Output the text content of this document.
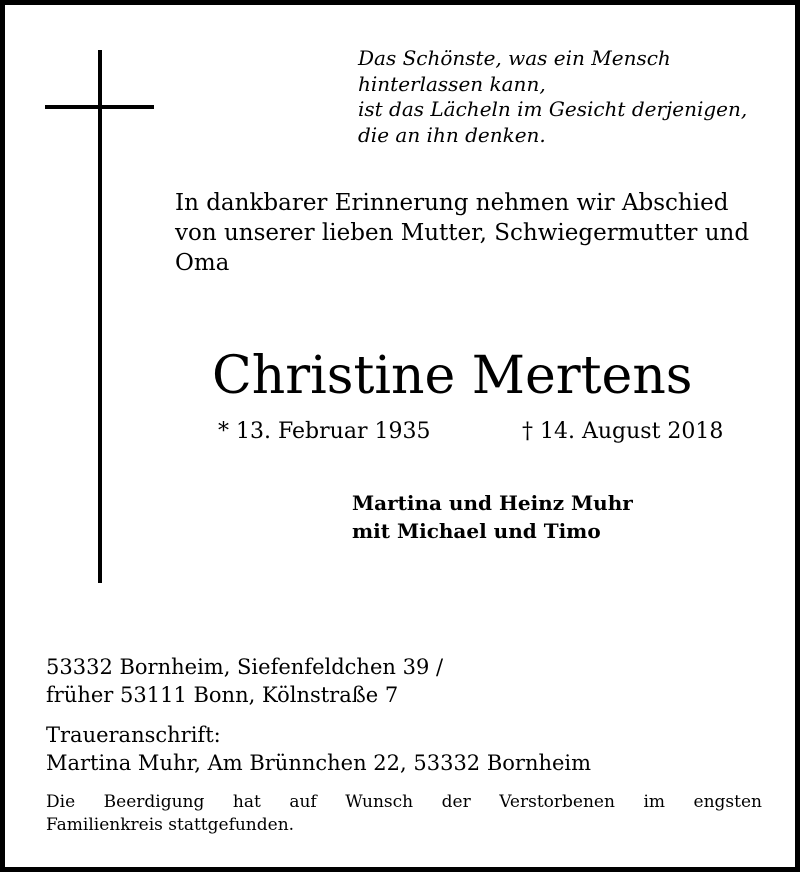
Das Schönste, was ein Mensch
hinterlassen kann,
ist das Lächeln im Gesicht derjenigen,
die an ihn denken.
In dankbarer Erinnerung nehmen wir Abschied
von unserer lieben Mutter, Schwiegermutter und
Oma
Christine Mertens
* 13. Februar 1935	† 14. August 2018
Martina und Heinz Muhr
mit Michael und Timo
53332 Bornheim, Siefenfeldchen 39 /
früher 53111 Bonn, Kölnstraße 7
Traueranschrift:
Martina Muhr, Am Brünnchen 22, 53332 Bornheim
Die Beerdigung hat auf Wunsch der Verstorbenen im engsten
Familienkreis stattgefunden.
